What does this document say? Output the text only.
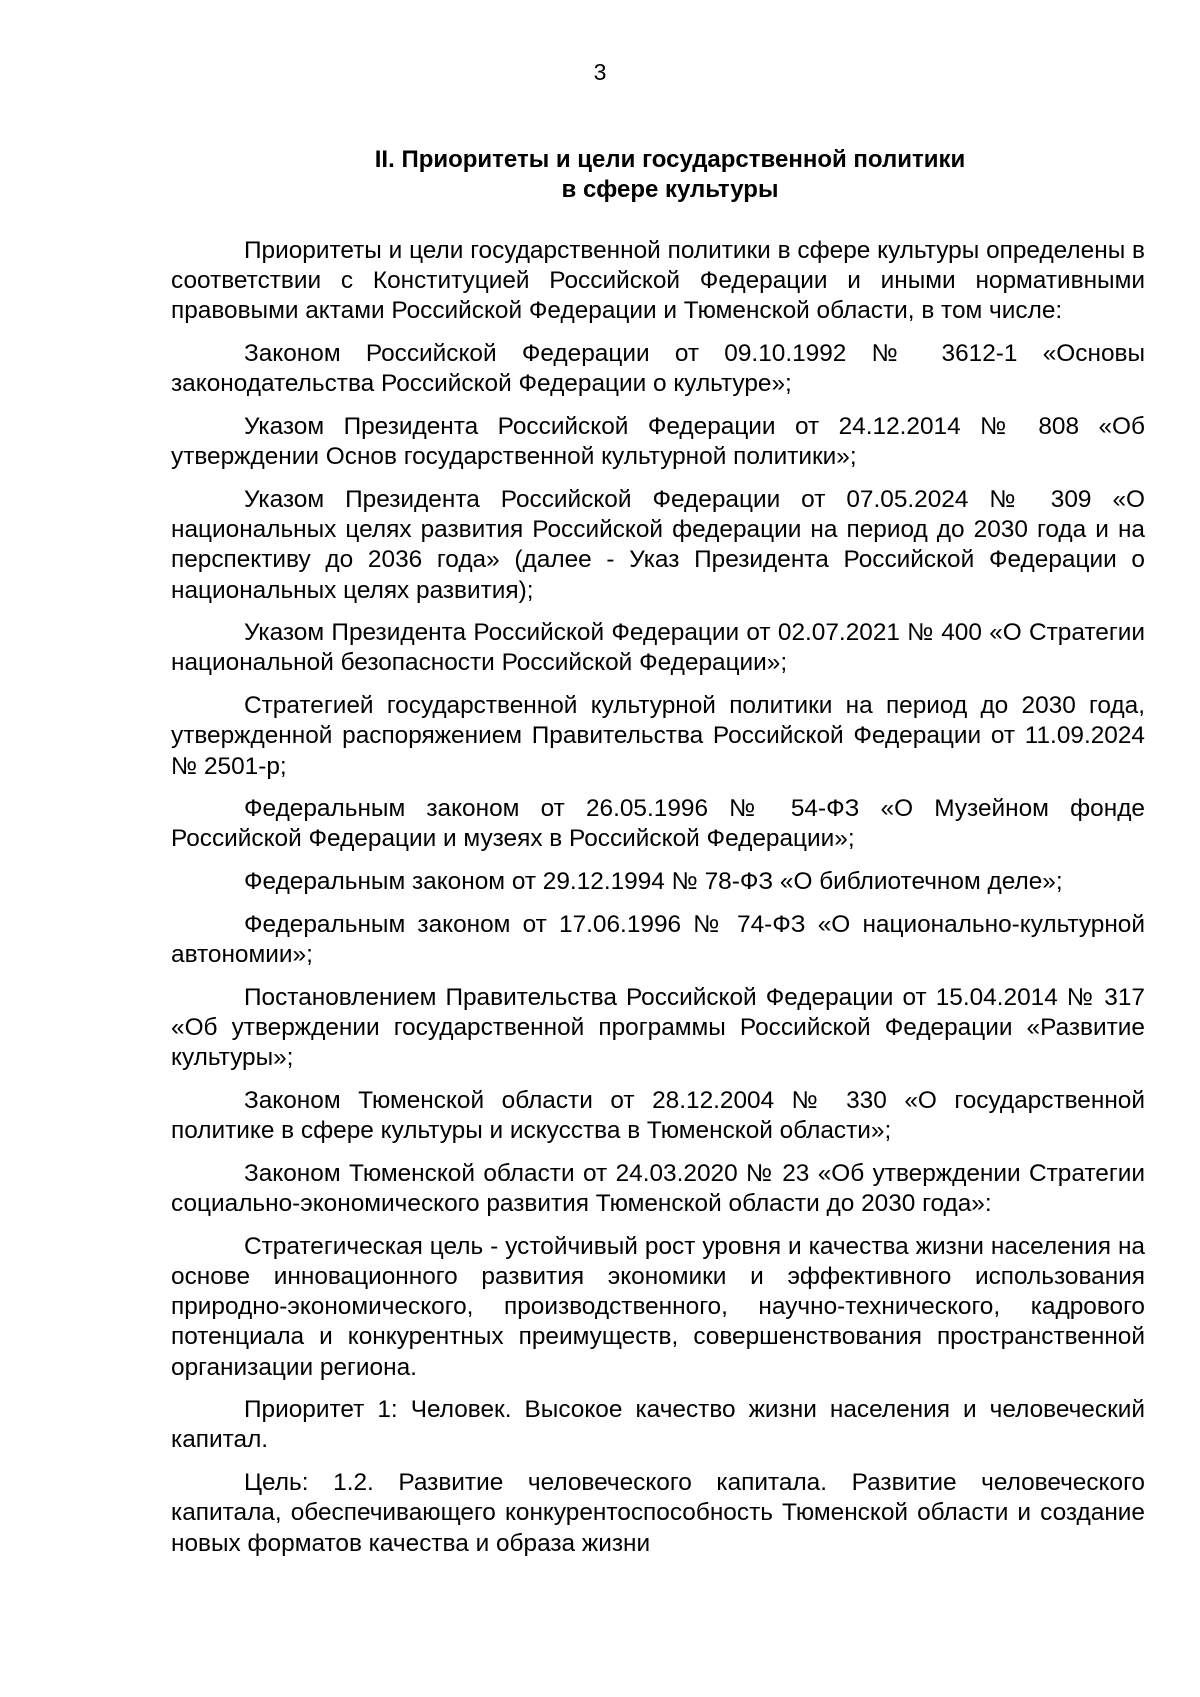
3
II. Приоритеты и цели государственной политики
в сфере культуры

Приоритеты и цели государственной политики в сфере культуры определены в соответствии с Конституцией Российской Федерации и иными нормативными правовыми актами Российской Федерации и Тюменской области, в том числе:

Законом Российской Федерации от 09.10.1992 № 3612-1 «Основы законодательства Российской Федерации о культуре»;

Указом Президента Российской Федерации от 24.12.2014 № 808 «Об утверждении Основ государственной культурной политики»;

Указом Президента Российской Федерации от 07.05.2024 № 309 «О национальных целях развития Российской федерации на период до 2030 года и на перспективу до 2036 года» (далее - Указ Президента Российской Федерации о национальных целях развития);

Указом Президента Российской Федерации от 02.07.2021 № 400 «О Стратегии национальной безопасности Российской Федерации»;

Стратегией государственной культурной политики на период до 2030 года, утвержденной распоряжением Правительства Российской Федерации от 11.09.2024 № 2501-р;

Федеральным законом от 26.05.1996 № 54-ФЗ «О Музейном фонде Российской Федерации и музеях в Российской Федерации»;

Федеральным законом от 29.12.1994 № 78-ФЗ «О библиотечном деле»;

Федеральным законом от 17.06.1996 № 74-ФЗ «О национально-культурной автономии»;

Постановлением Правительства Российской Федерации от 15.04.2014 № 317 «Об утверждении государственной программы Российской Федерации «Развитие культуры»;

Законом Тюменской области от 28.12.2004 № 330 «О государственной политике в сфере культуры и искусства в Тюменской области»;

Законом Тюменской области от 24.03.2020 № 23 «Об утверждении Стратегии социально-экономического развития Тюменской области до 2030 года»:

Стратегическая цель - устойчивый рост уровня и качества жизни населения на основе инновационного развития экономики и эффективного использования природно-экономического, производственного, научно-технического, кадрового потенциала и конкурентных преимуществ, совершенствования пространственной организации региона.

Приоритет 1: Человек. Высокое качество жизни населения и человеческий капитал.

Цель: 1.2. Развитие человеческого капитала. Развитие человеческого капитала, обеспечивающего конкурентоспособность Тюменской области и создание новых форматов качества и образа жизни
